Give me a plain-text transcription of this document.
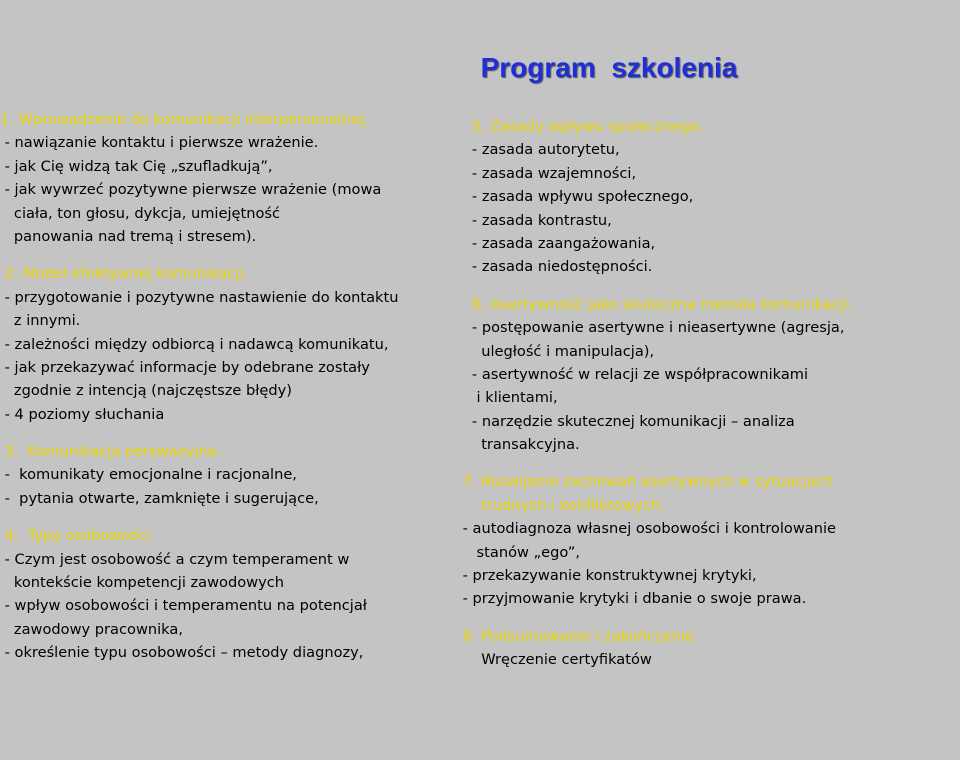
Program  szkolenia
1. Wprowadzenie do komunikacji interpersonalnej.
- nawiązanie kontaktu i pierwsze wrażenie.
- jak Cię widzą tak Cię „szufladkują”,
- jak wywrzeć pozytywne pierwsze wrażenie (mowa
ciała, ton głosu, dykcja, umiejętność
panowania nad tremą i stresem).
2. Model efektywnej komunikacji.
- przygotowanie i pozytywne nastawienie do kontaktu
z innymi.
- zależności między odbiorcą i nadawcą komunikatu,
- jak przekazywać informacje by odebrane zostały
zgodnie z intencją (najczęstsze błędy)
- 4 poziomy słuchania
3.  Komunikacja perswazyjna.
-  komunikaty emocjonalne i racjonalne,
-  pytania otwarte, zamknięte i sugerujące,
4.  Typy osobowości.
- Czym jest osobowość a czym temperament w
kontekście kompetencji zawodowych
- wpływ osobowości i temperamentu na potencjał
zawodowy pracownika,
- określenie typu osobowości – metody diagnozy,
5. Zasady wpływu społecznego.
- zasada autorytetu,
- zasada wzajemności,
- zasada wpływu społecznego,
- zasada kontrastu,
- zasada zaangażowania,
- zasada niedostępności.
6. Asertywność jako skuteczna metoda komunikacji.
- postępowanie asertywne i nieasertywne (agresja,
uległość i manipulacja),
- asertywność w relacji ze współpracownikami
i klientami,
- narzędzie skutecznej komunikacji – analiza
transakcyjna.
7. Rozwijanie zachowań asertywnych w sytuacjach
trudnych i konfliktowych.
- autodiagnoza własnej osobowości i kontrolowanie
stanów „ego”,
- przekazywanie konstruktywnej krytyki,
- przyjmowanie krytyki i dbanie o swoje prawa.
8. Podsumowanie i zakończenie.
Wręczenie certyfikatów
